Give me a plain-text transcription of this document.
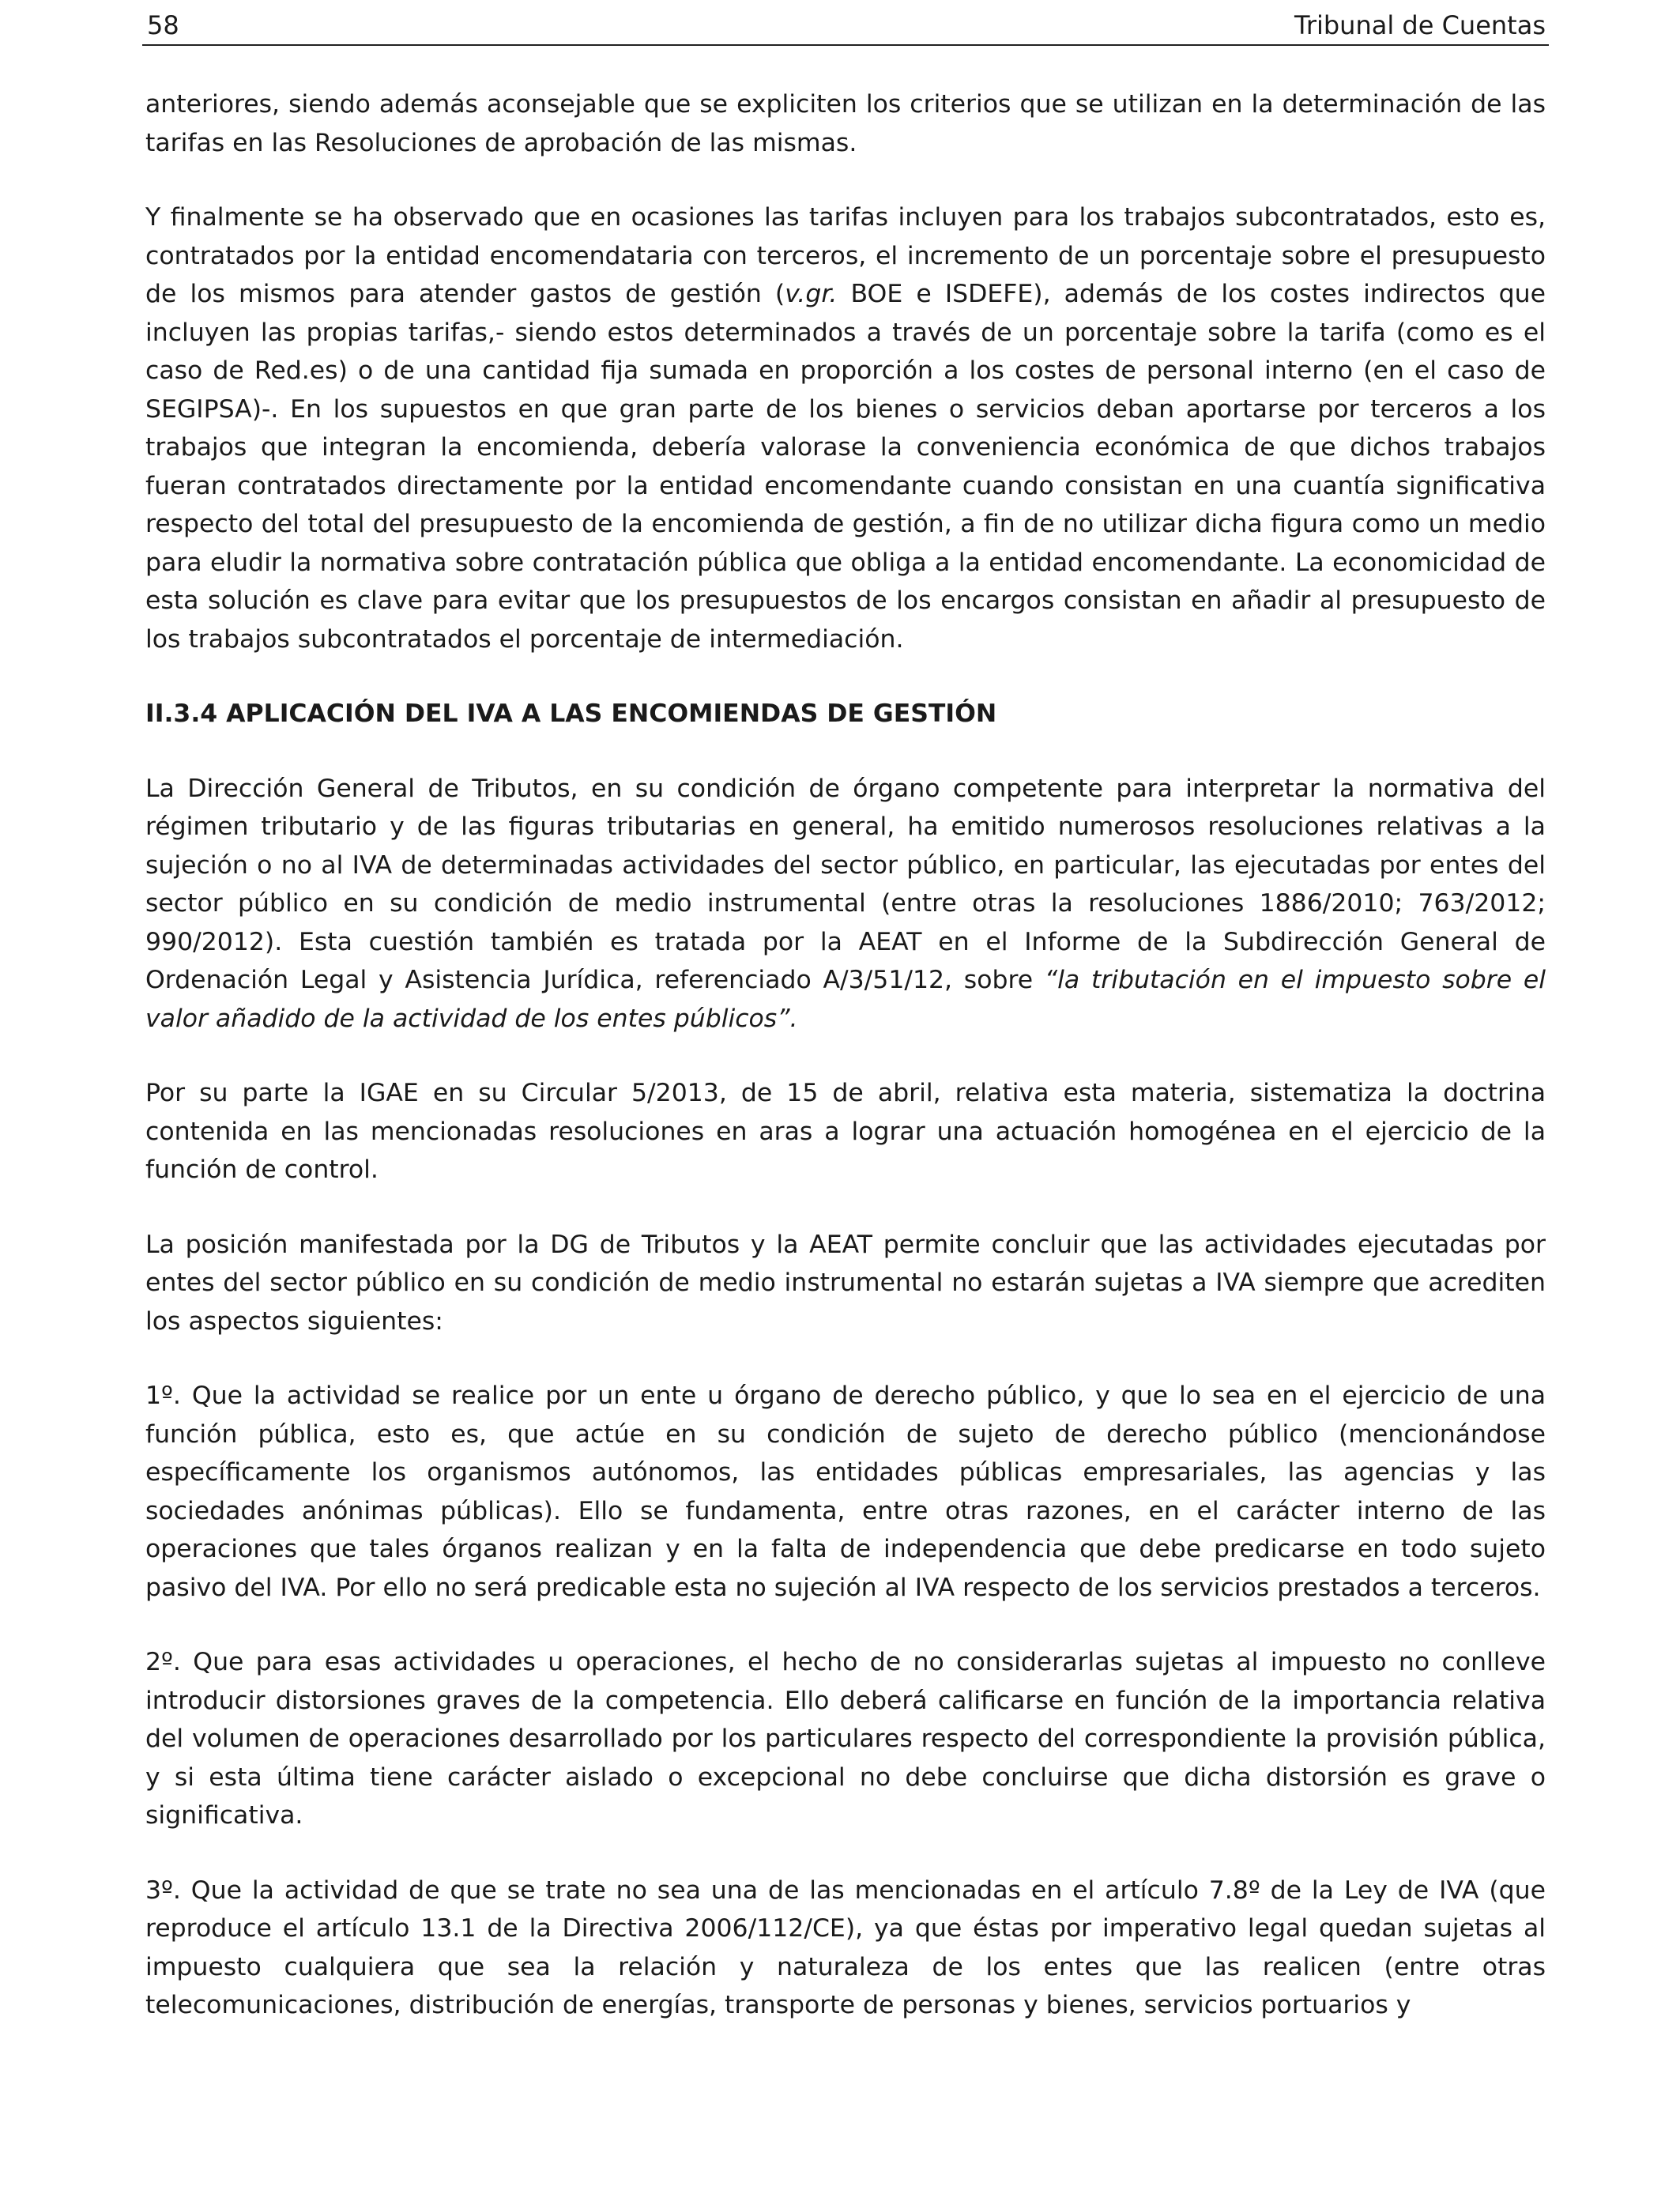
58	Tribunal de Cuentas

anteriores, siendo además aconsejable que se expliciten los criterios que se utilizan en la determinación de las tarifas en las Resoluciones de aprobación de las mismas.

Y finalmente se ha observado que en ocasiones las tarifas incluyen para los trabajos subcontratados, esto es, contratados por la entidad encomendataria con terceros, el incremento de un porcentaje sobre el presupuesto de los mismos para atender gastos de gestión (v.gr. BOE e ISDEFE), además de los costes indirectos que incluyen las propias tarifas,- siendo estos determinados a través de un porcentaje sobre la tarifa (como es el caso de Red.es) o de una cantidad fija sumada en proporción a los costes de personal interno (en el caso de SEGIPSA)-. En los supuestos en que gran parte de los bienes o servicios deban aportarse por terceros a los trabajos que integran la encomienda, debería valorase la conveniencia económica de que dichos trabajos fueran contratados directamente por la entidad encomendante cuando consistan en una cuantía significativa respecto del total del presupuesto de la encomienda de gestión, a fin de no utilizar dicha figura como un medio para eludir la normativa sobre contratación pública que obliga a la entidad encomendante. La economicidad de esta solución es clave para evitar que los presupuestos de los encargos consistan en añadir al presupuesto de los trabajos subcontratados el porcentaje de intermediación.

II.3.4 APLICACIÓN DEL IVA A LAS ENCOMIENDAS DE GESTIÓN

La Dirección General de Tributos, en su condición de órgano competente para interpretar la normativa del régimen tributario y de las figuras tributarias en general, ha emitido numerosos resoluciones relativas a la sujeción o no al IVA de determinadas actividades del sector público, en particular, las ejecutadas por entes del sector público en su condición de medio instrumental (entre otras la resoluciones 1886/2010; 763/2012; 990/2012). Esta cuestión también es tratada por la AEAT en el Informe de la Subdirección General de Ordenación Legal y Asistencia Jurídica, referenciado A/3/51/12, sobre “la tributación en el impuesto sobre el valor añadido de la actividad de los entes públicos”.

Por su parte la IGAE en su Circular 5/2013, de 15 de abril, relativa esta materia, sistematiza la doctrina contenida en las mencionadas resoluciones en aras a lograr una actuación homogénea en el ejercicio de la función de control.

La posición manifestada por la DG de Tributos y la AEAT permite concluir que las actividades ejecutadas por entes del sector público en su condición de medio instrumental no estarán sujetas a IVA siempre que acrediten los aspectos siguientes:

1º. Que la actividad se realice por un ente u órgano de derecho público, y que lo sea en el ejercicio de una función pública, esto es, que actúe en su condición de sujeto de derecho público (mencionándose específicamente los organismos autónomos, las entidades públicas empresariales, las agencias y las sociedades anónimas públicas). Ello se fundamenta, entre otras razones, en el carácter interno de las operaciones que tales órganos realizan y en la falta de independencia que debe predicarse en todo sujeto pasivo del IVA. Por ello no será predicable esta no sujeción al IVA respecto de los servicios prestados a terceros.

2º. Que para esas actividades u operaciones, el hecho de no considerarlas sujetas al impuesto no conlleve introducir distorsiones graves de la competencia. Ello deberá calificarse en función de la importancia relativa del volumen de operaciones desarrollado por los particulares respecto del correspondiente la provisión pública, y si esta última tiene carácter aislado o excepcional no debe concluirse que dicha distorsión es grave o significativa.

3º. Que la actividad de que se trate no sea una de las mencionadas en el artículo 7.8º de la Ley de IVA (que reproduce el artículo 13.1 de la Directiva 2006/112/CE), ya que éstas por imperativo legal quedan sujetas al impuesto cualquiera que sea la relación y naturaleza de los entes que las realicen (entre otras telecomunicaciones, distribución de energías, transporte de personas y bienes, servicios portuarios y
